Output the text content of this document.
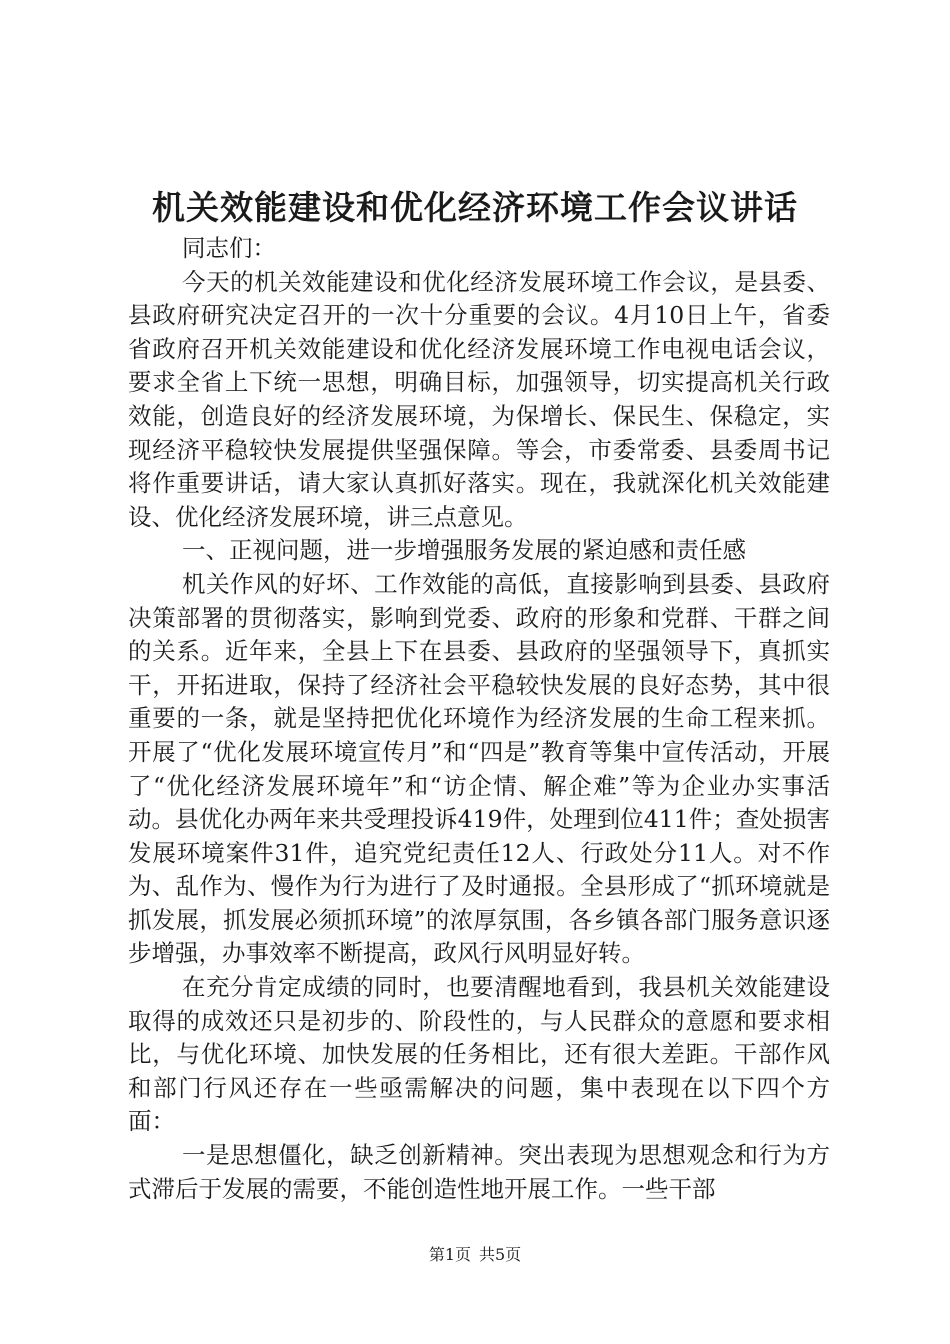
机关效能建设和优化经济环境工作会议讲话

同志们：

今天的机关效能建设和优化经济发展环境工作会议，是县委、县政府研究决定召开的一次十分重要的会议。4月10日上午，省委省政府召开机关效能建设和优化经济发展环境工作电视电话会议，要求全省上下统一思想，明确目标，加强领导，切实提高机关行政效能，创造良好的经济发展环境，为保增长、保民生、保稳定，实现经济平稳较快发展提供坚强保障。等会，市委常委、县委周书记将作重要讲话，请大家认真抓好落实。现在，我就深化机关效能建设、优化经济发展环境，讲三点意见。

一、正视问题，进一步增强服务发展的紧迫感和责任感

机关作风的好坏、工作效能的高低，直接影响到县委、县政府决策部署的贯彻落实，影响到党委、政府的形象和党群、干群之间的关系。近年来，全县上下在县委、县政府的坚强领导下，真抓实干，开拓进取，保持了经济社会平稳较快发展的良好态势，其中很重要的一条，就是坚持把优化环境作为经济发展的生命工程来抓。开展了“优化发展环境宣传月”和“四是”教育等集中宣传活动，开展了“优化经济发展环境年”和“访企情、解企难”等为企业办实事活动。县优化办两年来共受理投诉419件，处理到位411件；查处损害发展环境案件31件，追究党纪责任12人、行政处分11人。对不作为、乱作为、慢作为行为进行了及时通报。全县形成了“抓环境就是抓发展，抓发展必须抓环境”的浓厚氛围，各乡镇各部门服务意识逐步增强，办事效率不断提高，政风行风明显好转。

在充分肯定成绩的同时，也要清醒地看到，我县机关效能建设取得的成效还只是初步的、阶段性的，与人民群众的意愿和要求相比，与优化环境、加快发展的任务相比，还有很大差距。干部作风和部门行风还存在一些亟需解决的问题，集中表现在以下四个方面：

一是思想僵化，缺乏创新精神。突出表现为思想观念和行为方式滞后于发展的需要，不能创造性地开展工作。一些干部

第1页 共5页
